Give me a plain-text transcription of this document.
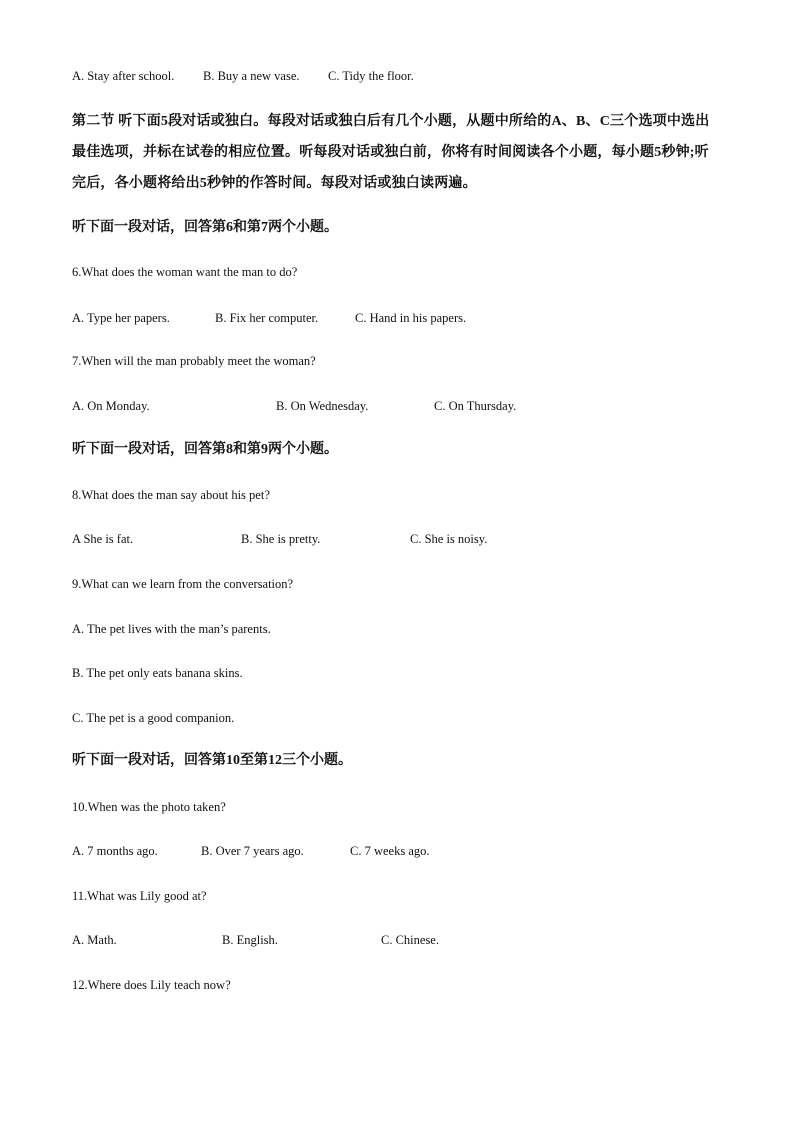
A. Stay after school. B. Buy a new vase. C. Tidy the floor.
第二节 听下面5段对话或独白。每段对话或独白后有几个小题，从题中所给的A、B、C三个选项中选出最佳选项，并标在试卷的相应位置。听每段对话或独白前，你将有时间阅读各个小题，每小题5秒钟;听完后，各小题将给出5秒钟的作答时间。每段对话或独白读两遍。
听下面一段对话，回答第6和第7两个小题。
6.What does the woman want the man to do?
A. Type her papers.	B. Fix her computer.	C. Hand in his papers.
7.When will the man probably meet the woman?
A. On Monday.	B. On Wednesday.	C. On Thursday.
听下面一段对话，回答第8和第9两个小题。
8.What does the man say about his pet?
A She is fat.	B. She is pretty.	C. She is noisy.
9.What can we learn from the conversation?
A. The pet lives with the man’s parents.
B. The pet only eats banana skins.
C. The pet is a good companion.
听下面一段对话，回答第10至第12三个小题。
10.When was the photo taken?
A. 7 months ago.	B. Over 7 years ago.	C. 7 weeks ago.
11.What was Lily good at?
A. Math.	B. English.	C. Chinese.
12.Where does Lily teach now?
